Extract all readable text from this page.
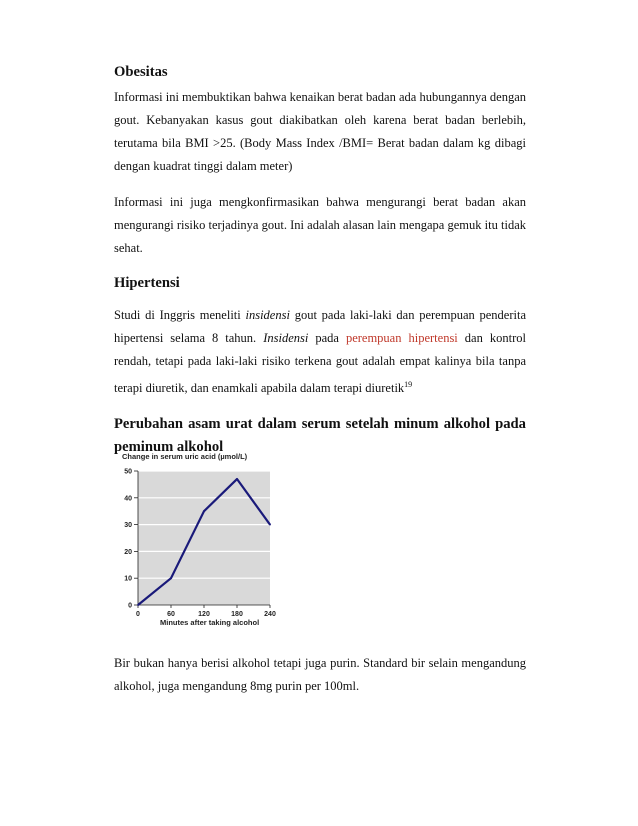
Obesitas

Informasi ini membuktikan bahwa kenaikan berat badan ada hubungannya dengan gout. Kebanyakan kasus gout diakibatkan oleh karena berat badan berlebih, terutama bila BMI >25. (Body Mass Index /BMI= Berat badan dalam kg dibagi dengan kuadrat tinggi dalam meter)

Informasi ini juga mengkonfirmasikan bahwa mengurangi berat badan akan mengurangi risiko terjadinya gout. Ini adalah alasan lain mengapa gemuk itu tidak sehat.

Hipertensi

Studi di Inggris meneliti insidensi gout pada laki-laki dan perempuan penderita hipertensi selama 8 tahun. Insidensi pada perempuan hipertensi dan kontrol rendah, tetapi pada laki-laki risiko terkena gout adalah empat kalinya bila tanpa terapi diuretik, dan enamkali apabila dalam terapi diuretik$^{19}$

Perubahan asam urat dalam serum setelah minum alkohol pada peminum alkohol
Change in serum uric acid (µmol/L)
0
10
20
30
40
50
0	60	120	180	240
Minutes after taking alcohol

Bir bukan hanya berisi alkohol tetapi juga purin. Standard bir selain mengandung alkohol, juga mengandung 8mg purin per 100ml.
